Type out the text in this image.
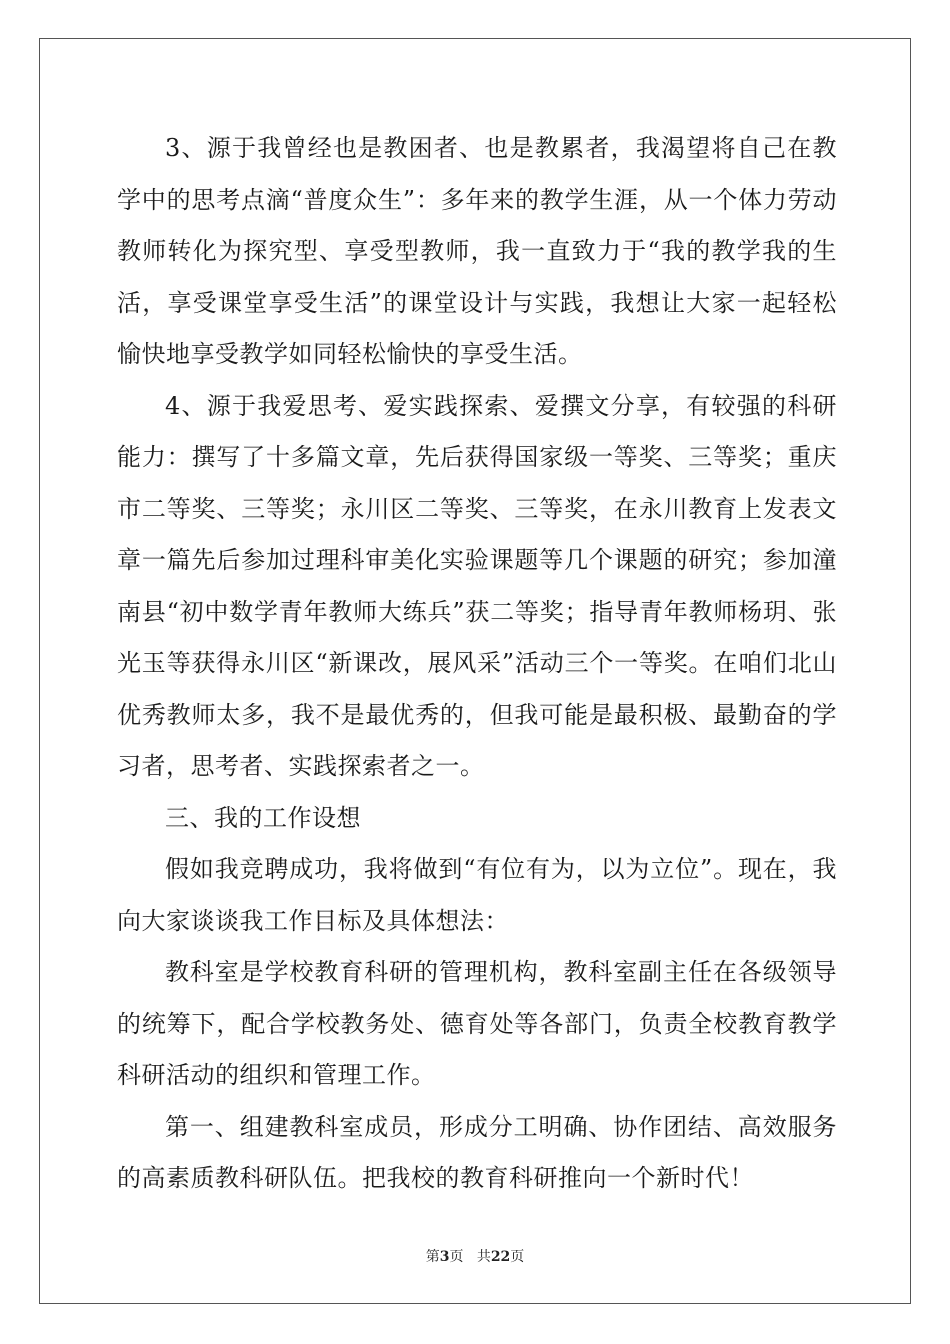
3、源于我曾经也是教困者、也是教累者，我渴望将自己在教学中的思考点滴“普度众生”：多年来的教学生涯，从一个体力劳动教师转化为探究型、享受型教师，我一直致力于“我的教学我的生活，享受课堂享受生活”的课堂设计与实践，我想让大家一起轻松愉快地享受教学如同轻松愉快的享受生活。

4、源于我爱思考、爱实践探索、爱撰文分享，有较强的科研能力：撰写了十多篇文章，先后获得国家级一等奖、三等奖；重庆市二等奖、三等奖；永川区二等奖、三等奖，在永川教育上发表文章一篇先后参加过理科审美化实验课题等几个课题的研究；参加潼南县“初中数学青年教师大练兵”获二等奖；指导青年教师杨玥、张光玉等获得永川区“新课改，展风采”活动三个一等奖。在咱们北山优秀教师太多，我不是最优秀的，但我可能是最积极、最勤奋的学习者，思考者、实践探索者之一。

三、我的工作设想

假如我竞聘成功，我将做到“有位有为，以为立位”。现在，我向大家谈谈我工作目标及具体想法：

教科室是学校教育科研的管理机构，教科室副主任在各级领导的统筹下，配合学校教务处、德育处等各部门，负责全校教育教学科研活动的组织和管理工作。

第一、组建教科室成员，形成分工明确、协作团结、高效服务的高素质教科研队伍。把我校的教育科研推向一个新时代！

第3页 共22页
